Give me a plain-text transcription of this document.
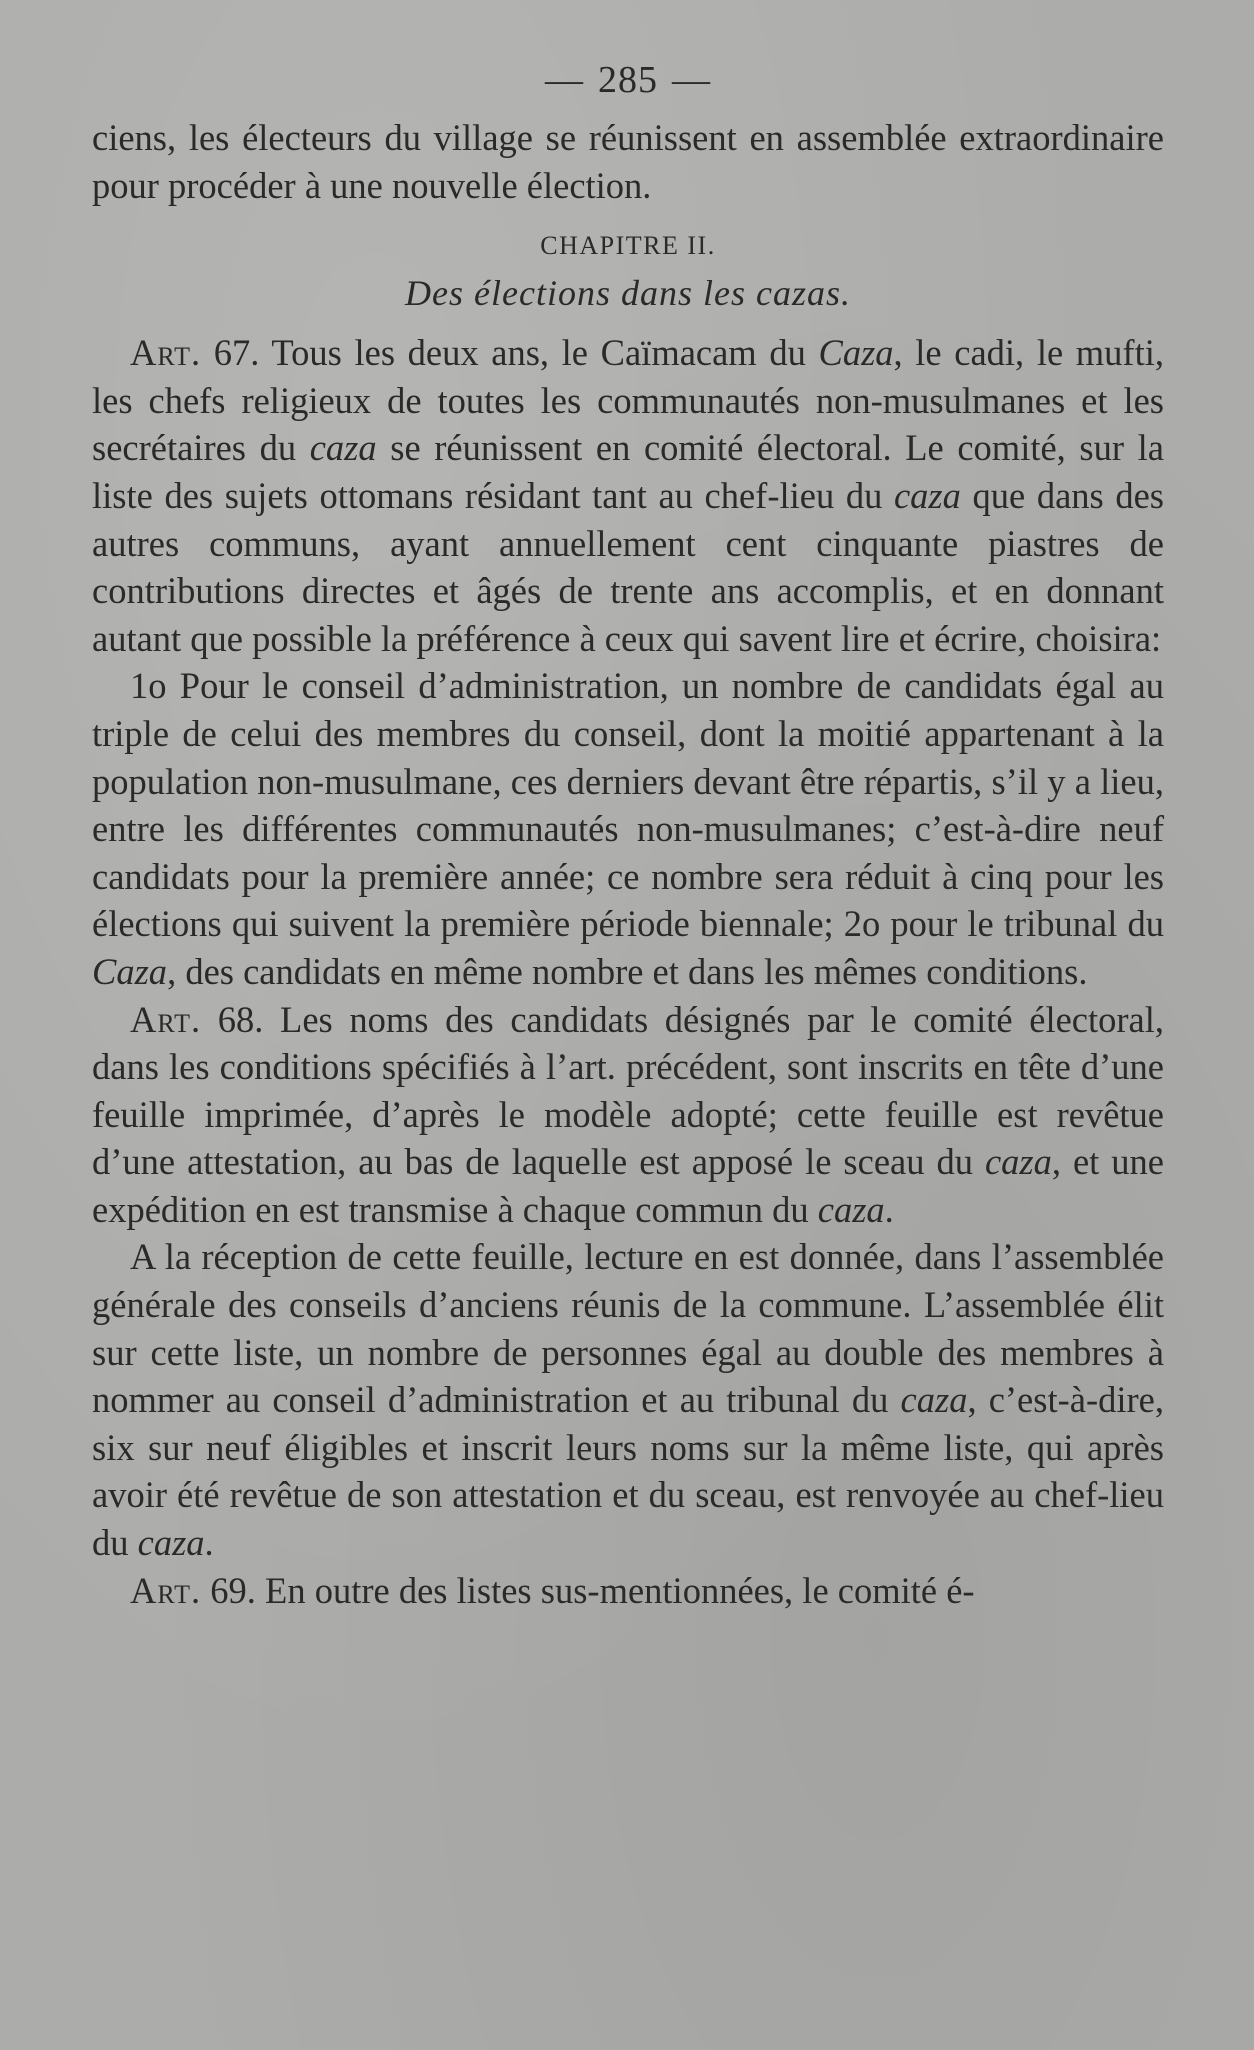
— 285 —

ciens, les électeurs du village se réunissent en assemblée extraordinaire pour procéder à une nouvelle élection.

CHAPITRE II.
Des élections dans les cazas.

Art. 67. Tous les deux ans, le Caïmacam du Caza, le cadi, le mufti, les chefs religieux de toutes les communautés non-musulmanes et les secrétaires du caza se réunissent en comité électoral. Le comité, sur la liste des sujets ottomans résidant tant au chef-lieu du caza que dans des autres communs, ayant annuellement cent cinquante piastres de contributions directes et âgés de trente ans accomplis, et en donnant autant que possible la préférence à ceux qui savent lire et écrire, choisira:

1o Pour le conseil d’administration, un nombre de candidats égal au triple de celui des membres du conseil, dont la moitié appartenant à la population non-musulmane, ces derniers devant être répartis, s’il y a lieu, entre les différentes communautés non-musulmanes; c’est-à-dire neuf candidats pour la première année; ce nombre sera réduit à cinq pour les élections qui suivent la première période biennale; 2o pour le tribunal du Caza, des candidats en même nombre et dans les mêmes conditions.

Art. 68. Les noms des candidats désignés par le comité électoral, dans les conditions spécifiés à l’art. précédent, sont inscrits en tête d’une feuille imprimée, d’après le modèle adopté; cette feuille est revêtue d’une attestation, au bas de laquelle est apposé le sceau du caza, et une expédition en est transmise à chaque commun du caza.

A la réception de cette feuille, lecture en est donnée, dans l’assemblée générale des conseils d’anciens réunis de la commune. L’assemblée élit sur cette liste, un nombre de personnes égal au double des membres à nommer au conseil d’administration et au tribunal du caza, c’est-à-dire, six sur neuf éligibles et inscrit leurs noms sur la même liste, qui après avoir été revêtue de son attestation et du sceau, est renvoyée au chef-lieu du caza.

Art. 69. En outre des listes sus-mentionnées, le comité é-
